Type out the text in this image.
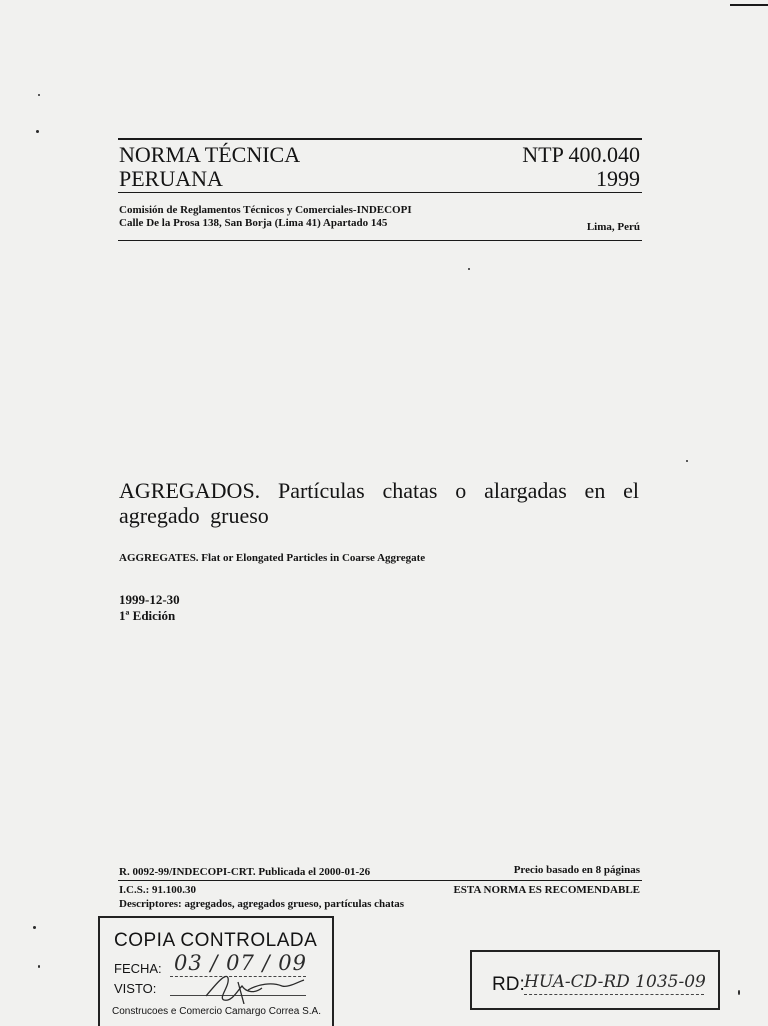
NORMA TÉCNICA
PERUANA
NTP 400.040
1999
Comisión de Reglamentos Técnicos y Comerciales-INDECOPI
Calle De la Prosa 138, San Borja (Lima 41) Apartado 145	Lima, Perú
AGREGADOS. Partículas chatas o alargadas en el
agregado grueso
AGGREGATES. Flat or Elongated Particles in Coarse Aggregate
1999-12-30
1ª Edición
R. 0092-99/INDECOPI-CRT. Publicada el 2000-01-26	Precio basado en 8 páginas
I.C.S.: 91.100.30	ESTA NORMA ES RECOMENDABLE
Descriptores: agregados, agregados grueso, partículas chatas
COPIA CONTROLADA
FECHA: 03 / 07 / 09
VISTO:
Construcoes e Comercio Camargo Correa S.A.
RD: HUA-CD-RD 1035-09
